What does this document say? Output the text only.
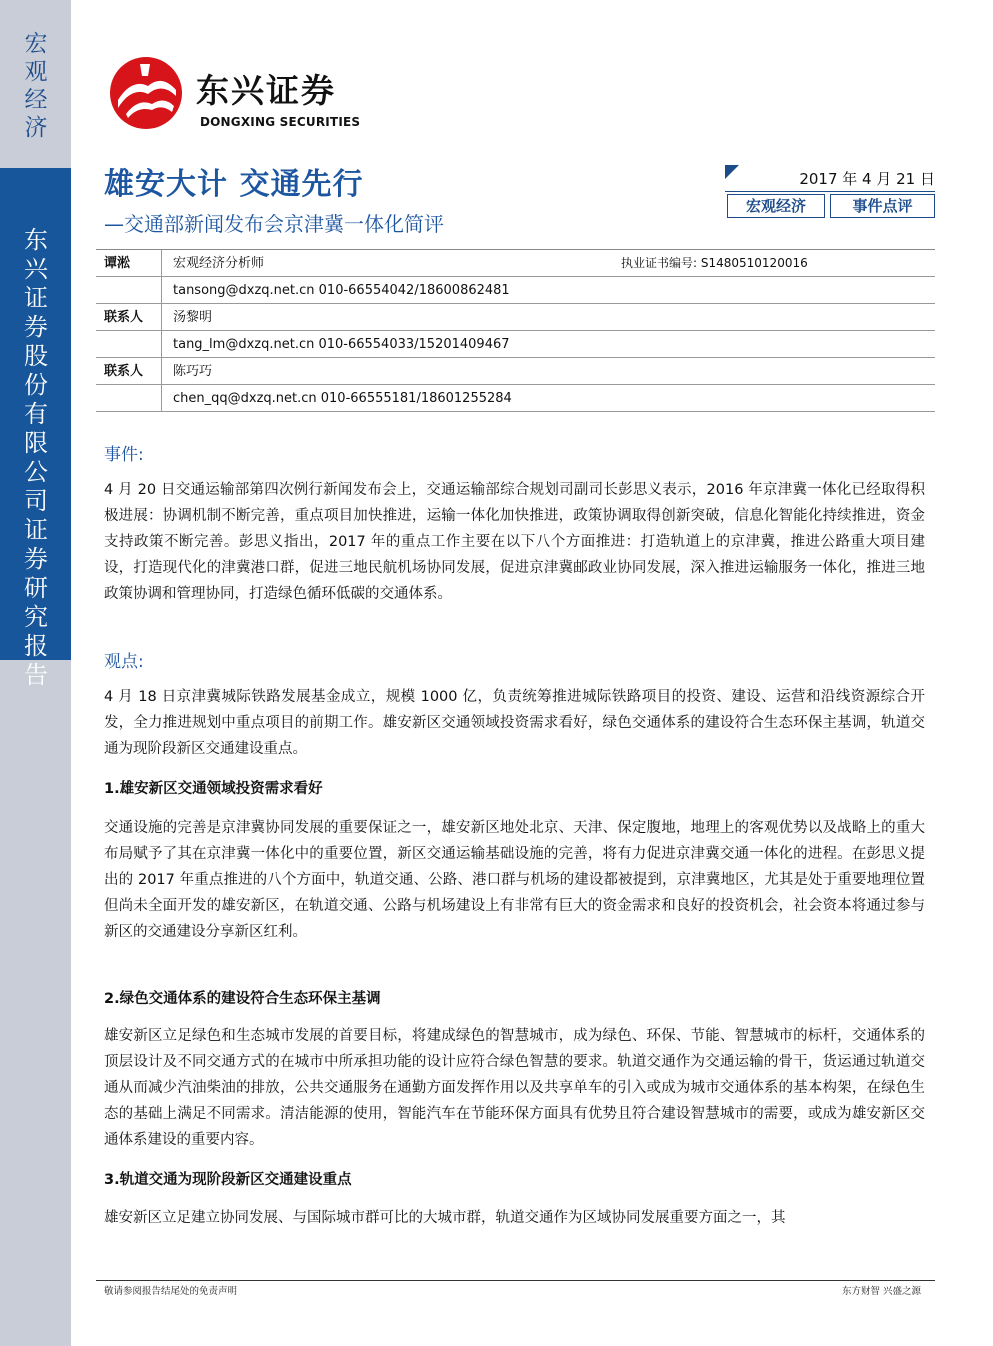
宏
观
经
济
东
兴
证
券
股
份
有
限
公
司
证
券
研
究
报
告
东兴证券
DONGXING SECURITIES
雄安大计 交通先行
—交通部新闻发布会京津冀一体化简评
2017 年 4 月 21 日
宏观经济	事件点评
谭淞	宏观经济分析师	执业证书编号: S1480510120016
tansong@dxzq.net.cn 010-66554042/18600862481
联系人 汤黎明
tang_lm@dxzq.net.cn 010-66554033/15201409467
联系人 陈巧巧
chen_qq@dxzq.net.cn 010-66555181/18601255284
事件:
4 月 20 日交通运输部第四次例行新闻发布会上，交通运输部综合规划司副司长彭思义表示，2016 年京津冀一体化已经取得积极进展：协调机制不断完善，重点项目加快推进，运输一体化加快推进，政策协调取得创新突破，信息化智能化持续推进，资金支持政策不断完善。彭思义指出，2017 年的重点工作主要在以下八个方面推进：打造轨道上的京津冀，推进公路重大项目建设，打造现代化的津冀港口群，促进三地民航机场协同发展，促进京津冀邮政业协同发展，深入推进运输服务一体化，推进三地政策协调和管理协同，打造绿色循环低碳的交通体系。
观点:
4 月 18 日京津冀城际铁路发展基金成立，规模 1000 亿，负责统筹推进城际铁路项目的投资、建设、运营和沿线资源综合开发，全力推进规划中重点项目的前期工作。雄安新区交通领域投资需求看好，绿色交通体系的建设符合生态环保主基调，轨道交通为现阶段新区交通建设重点。
1.雄安新区交通领域投资需求看好
交通设施的完善是京津冀协同发展的重要保证之一，雄安新区地处北京、天津、保定腹地，地理上的客观优势以及战略上的重大布局赋予了其在京津冀一体化中的重要位置，新区交通运输基础设施的完善，将有力促进京津冀交通一体化的进程。在彭思义提出的 2017 年重点推进的八个方面中，轨道交通、公路、港口群与机场的建设都被提到，京津冀地区，尤其是处于重要地理位置但尚未全面开发的雄安新区，在轨道交通、公路与机场建设上有非常有巨大的资金需求和良好的投资机会，社会资本将通过参与新区的交通建设分享新区红利。
2.绿色交通体系的建设符合生态环保主基调
雄安新区立足绿色和生态城市发展的首要目标，将建成绿色的智慧城市，成为绿色、环保、节能、智慧城市的标杆，交通体系的顶层设计及不同交通方式的在城市中所承担功能的设计应符合绿色智慧的要求。轨道交通作为交通运输的骨干，货运通过轨道交通从而减少汽油柴油的排放，公共交通服务在通勤方面发挥作用以及共享单车的引入或成为城市交通体系的基本构架，在绿色生态的基础上满足不同需求。清洁能源的使用，智能汽车在节能环保方面具有优势且符合建设智慧城市的需要，或成为雄安新区交通体系建设的重要内容。
3.轨道交通为现阶段新区交通建设重点
雄安新区立足建立协同发展、与国际城市群可比的大城市群，轨道交通作为区域协同发展重要方面之一，其
敬请参阅报告结尾处的免责声明	东方财智 兴盛之源
